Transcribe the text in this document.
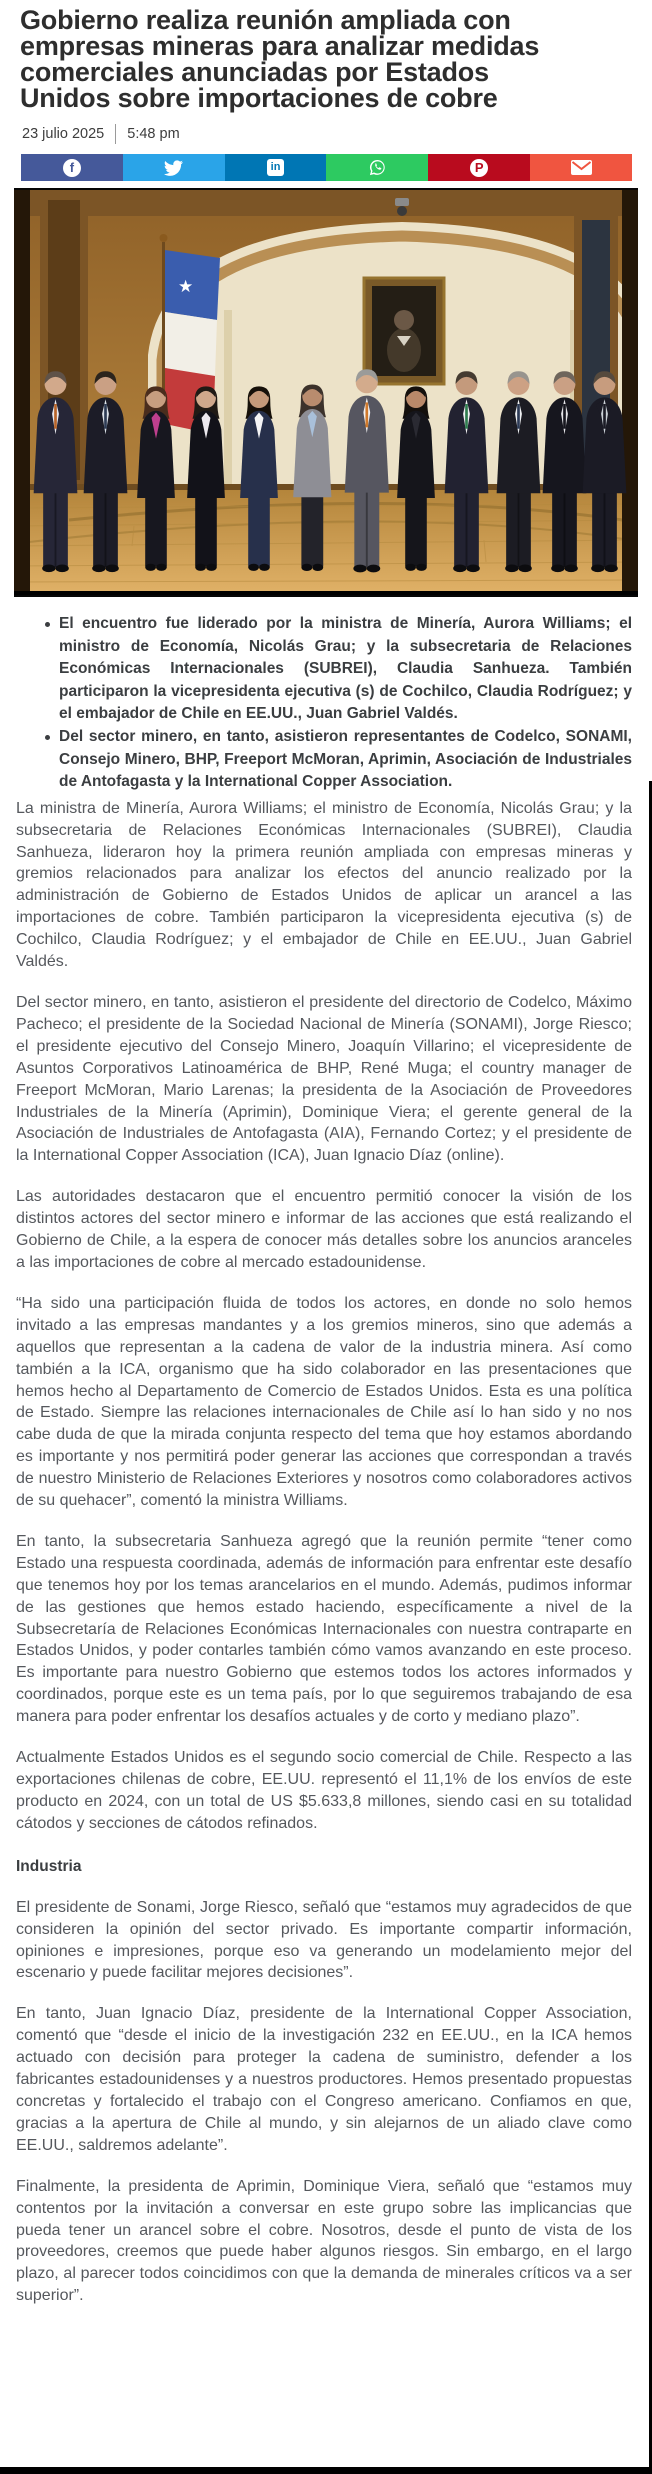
Gobierno realiza reunión ampliada con empresas mineras para analizar medidas comerciales anunciadas por Estados Unidos sobre importaciones de cobre
23 julio 2025 5:48 pm
f	in	P
★
El encuentro fue liderado por la ministra de Minería, Aurora Williams; el ministro de Economía, Nicolás Grau; y la subsecretaria de Relaciones Económicas Internacionales (SUBREI), Claudia Sanhueza. También participaron la vicepresidenta ejecutiva (s) de Cochilco, Claudia Rodríguez; y el embajador de Chile en EE.UU., Juan Gabriel Valdés.
Del sector minero, en tanto, asistieron representantes de Codelco, SONAMI, Consejo Minero, BHP, Freeport McMoran, Aprimin, Asociación de Industriales de Antofagasta y la International Copper Association.

La ministra de Minería, Aurora Williams; el ministro de Economía, Nicolás Grau; y la subsecretaria de Relaciones Económicas Internacionales (SUBREI), Claudia Sanhueza, lideraron hoy la primera reunión ampliada con empresas mineras y gremios relacionados para analizar los efectos del anuncio realizado por la administración de Gobierno de Estados Unidos de aplicar un arancel a las importaciones de cobre. También participaron la vicepresidenta ejecutiva (s) de Cochilco, Claudia Rodríguez; y el embajador de Chile en EE.UU., Juan Gabriel Valdés.

Del sector minero, en tanto, asistieron el presidente del directorio de Codelco, Máximo Pacheco; el presidente de la Sociedad Nacional de Minería (SONAMI), Jorge Riesco; el presidente ejecutivo del Consejo Minero, Joaquín Villarino; el vicepresidente de Asuntos Corporativos Latinoamérica de BHP, René Muga; el country manager de Freeport McMoran, Mario Larenas; la presidenta de la Asociación de Proveedores Industriales de la Minería (Aprimin), Dominique Viera; el gerente general de la Asociación de Industriales de Antofagasta (AIA), Fernando Cortez; y el presidente de la International Copper Association (ICA), Juan Ignacio Díaz (online).

Las autoridades destacaron que el encuentro permitió conocer la visión de los distintos actores del sector minero e informar de las acciones que está realizando el Gobierno de Chile, a la espera de conocer más detalles sobre los anuncios aranceles a las importaciones de cobre al mercado estadounidense.

“Ha sido una participación fluida de todos los actores, en donde no solo hemos invitado a las empresas mandantes y a los gremios mineros, sino que además a aquellos que representan a la cadena de valor de la industria minera. Así como también a la ICA, organismo que ha sido colaborador en las presentaciones que hemos hecho al Departamento de Comercio de Estados Unidos. Esta es una política de Estado. Siempre las relaciones internacionales de Chile así lo han sido y no nos cabe duda de que la mirada conjunta respecto del tema que hoy estamos abordando es importante y nos permitirá poder generar las acciones que correspondan a través de nuestro Ministerio de Relaciones Exteriores y nosotros como colaboradores activos de su quehacer”, comentó la ministra Williams.

En tanto, la subsecretaria Sanhueza agregó que la reunión permite “tener como Estado una respuesta coordinada, además de información para enfrentar este desafío que tenemos hoy por los temas arancelarios en el mundo. Además, pudimos informar de las gestiones que hemos estado haciendo, específicamente a nivel de la Subsecretaría de Relaciones Económicas Internacionales con nuestra contraparte en Estados Unidos, y poder contarles también cómo vamos avanzando en este proceso. Es importante para nuestro Gobierno que estemos todos los actores informados y coordinados, porque este es un tema país, por lo que seguiremos trabajando de esa manera para poder enfrentar los desafíos actuales y de corto y mediano plazo”.

Actualmente Estados Unidos es el segundo socio comercial de Chile. Respecto a las exportaciones chilenas de cobre, EE.UU. representó el 11,1% de los envíos de este producto en 2024, con un total de US $5.633,8 millones, siendo casi en su totalidad cátodos y secciones de cátodos refinados.

Industria

El presidente de Sonami, Jorge Riesco, señaló que “estamos muy agradecidos de que consideren la opinión del sector privado. Es importante compartir información, opiniones e impresiones, porque eso va generando un modelamiento mejor del escenario y puede facilitar mejores decisiones”.

En tanto, Juan Ignacio Díaz, presidente de la International Copper Association, comentó que “desde el inicio de la investigación 232 en EE.UU., en la ICA hemos actuado con decisión para proteger la cadena de suministro, defender a los fabricantes estadounidenses y a nuestros productores. Hemos presentado propuestas concretas y fortalecido el trabajo con el Congreso americano. Confiamos en que, gracias a la apertura de Chile al mundo, y sin alejarnos de un aliado clave como EE.UU., saldremos adelante”.

Finalmente, la presidenta de Aprimin, Dominique Viera, señaló que “estamos muy contentos por la invitación a conversar en este grupo sobre las implicancias que pueda tener un arancel sobre el cobre. Nosotros, desde el punto de vista de los proveedores, creemos que puede haber algunos riesgos. Sin embargo, en el largo plazo, al parecer todos coincidimos con que la demanda de minerales críticos va a ser superior”.
